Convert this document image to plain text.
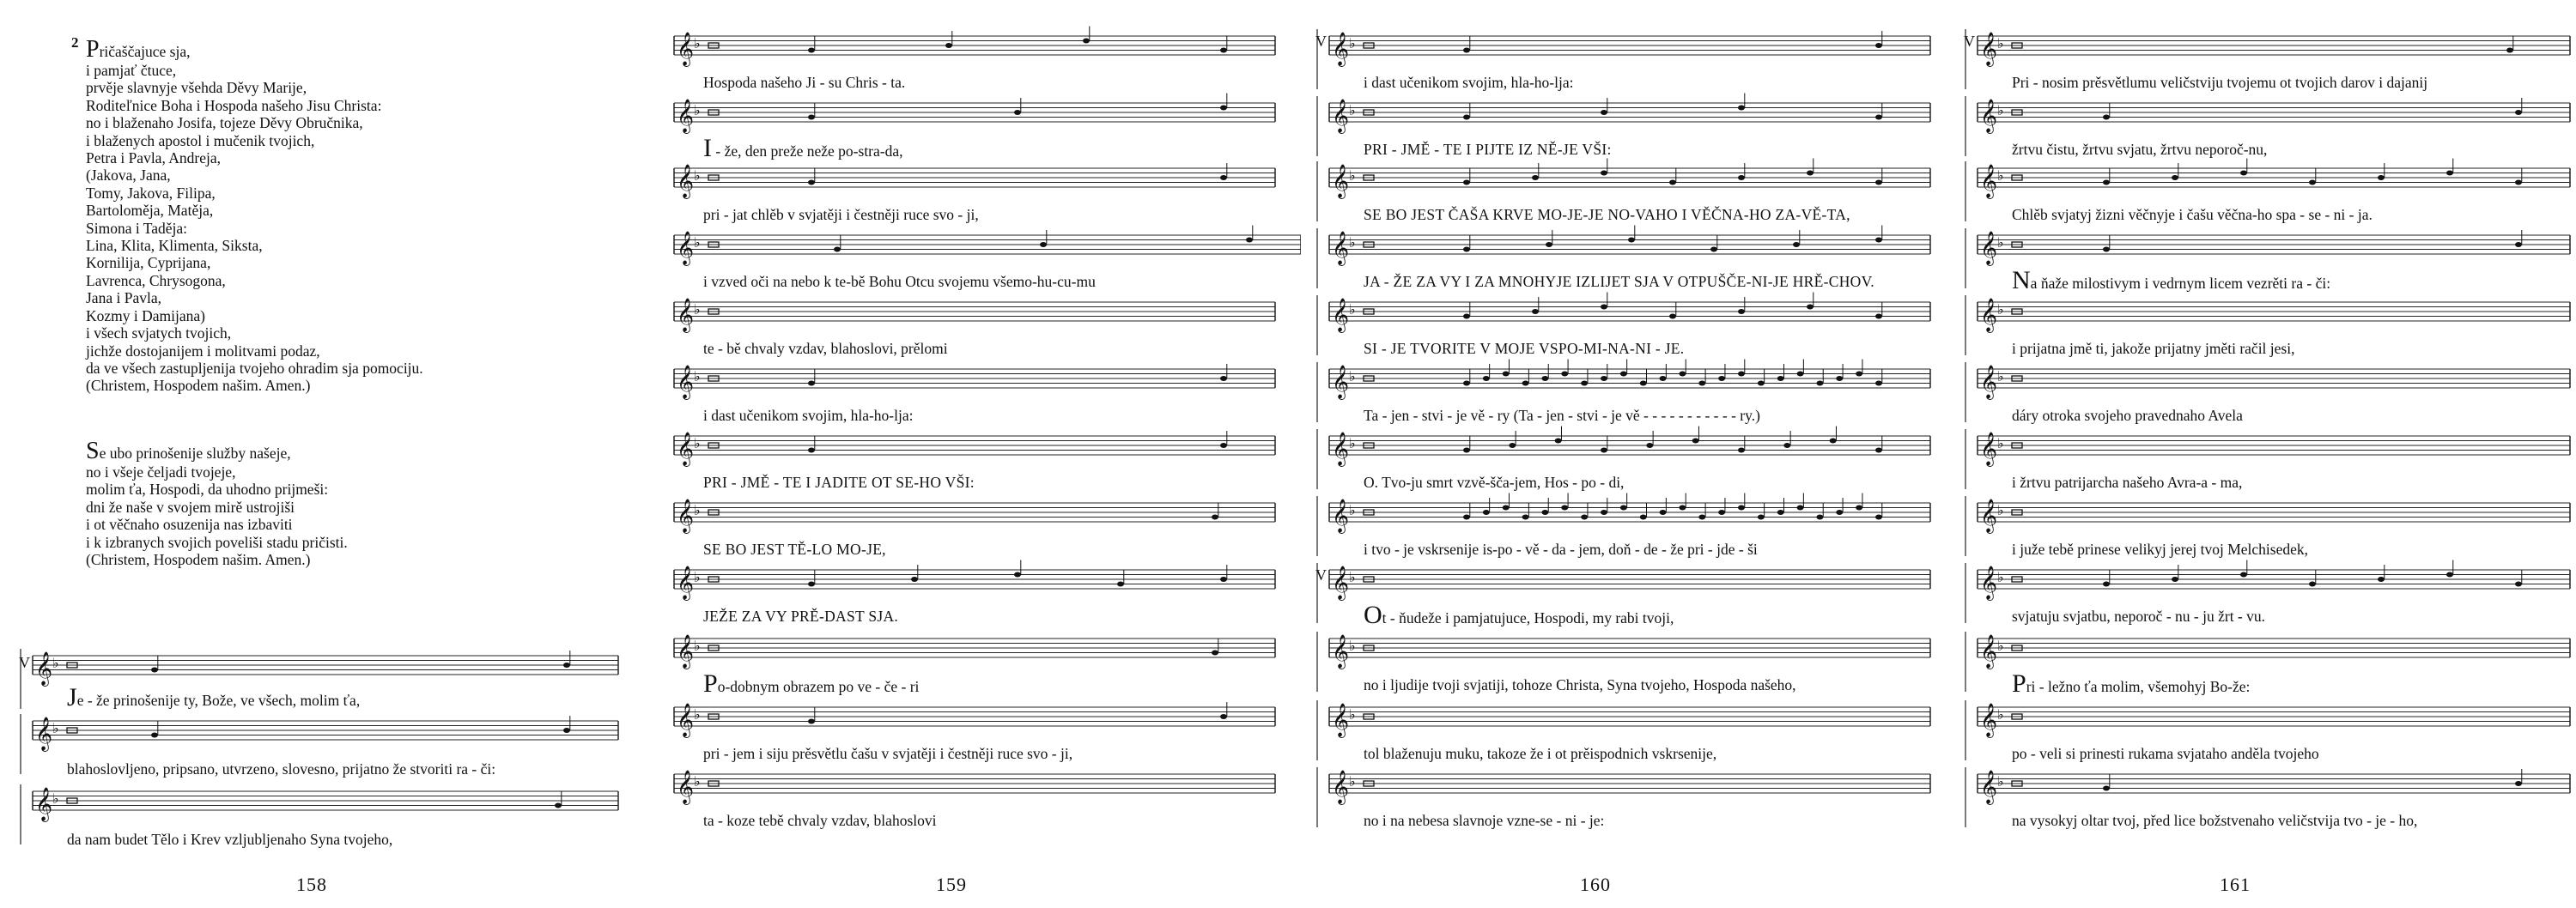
2 Pričaščajuce sja,
i pamjať čtuce,
prvěje slavnyje všehda Děvy Marije,
Roditeľnice Boha i Hospoda našeho Jisu Christa:
no i blaženaho Josifa, tojeze Děvy Obručnika,
i blaženych apostol i mučenik tvojich,
Petra i Pavla, Andreja,
(Jakova, Jana,
Tomy, Jakova, Filipa,
Bartoloměja, Matěja,
Simona i Taděja:
Lina, Klita, Klimenta, Siksta,
Kornilija, Cyprijana,
Lavrenca, Chrysogona,
Jana i Pavla,
Kozmy i Damijana)
i všech svjatych tvojich,
jichže dostojanijem i molitvami podaz,
da ve všech zastupljenija tvojeho ohradim sja pomociju.
(Christem, Hospodem našim. Amen.)
Se ubo prinošenije služby našeje,
no i všeje čeljadi tvojeje,
molim ťa, Hospodi, da uhodno prijmeši:
dni že naše v svojem mirě ustrojiši
i ot věčnaho osuzenija nas izbaviti
i k izbranych svojich poveliši stadu pričisti.
(Christem, Hospodem našim. Amen.)
V 𝄞 ♭
Je - že prinošenije ty, Bože, ve všech, molim ťa,
𝄞 ♭
blahoslovljeno, pripsano, utvrzeno, slovesno, prijatno že stvoriti ra - či:
𝄞 ♭
da nam budet Tělo i Krev vzljubljenaho Syna tvojeho,
158
𝄞 ♭
Hospoda našeho Ji - su Chris - ta.
𝄞 ♭
I - že, den preže neže po-stra-da,
𝄞 ♭
pri - jat chlěb v svjatěji i čestněji ruce svo - ji,
𝄞 ♭
i vzved oči na nebo k te-bě Bohu Otcu svojemu všemo-hu-cu-mu
𝄞 ♭
te - bě chvaly vzdav, blahoslovi, prělomi
𝄞 ♭
i dast učenikom svojim, hla-ho-lja:
𝄞 ♭
PRI - JMĚ - TE I JADITE OT SE-HO VŠI:
𝄞 ♭
SE BO JEST TĚ-LO MO-JE,
𝄞 ♭
JEŽE ZA VY PRĚ-DAST SJA.
𝄞 ♭
Po-dobnym obrazem po ve - če - ri
𝄞 ♭
pri - jem i siju prěsvětlu čašu v svjatěji i čestněji ruce svo - ji,
𝄞 ♭
ta - koze tebě chvaly vzdav, blahoslovi
159
V 𝄞 ♭
i dast učenikom svojim, hla-ho-lja:
𝄞 ♭
PRI - JMĚ - TE I PIJTE IZ NĚ-JE VŠI:
𝄞 ♭
SE BO JEST ČAŠA KRVE MO-JE-JE NO-VAHO I VĚČNA-HO ZA-VĚ-TA,
𝄞 ♭
JA - ŽE ZA VY I ZA MNOHYJE IZLIJET SJA V OTPUŠČE-NI-JE HRĚ-CHOV.
𝄞 ♭
SI - JE TVORITE V MOJE VSPO-MI-NA-NI - JE.
𝄞 ♭
Ta - jen - stvi - je vě - ry (Ta - jen - stvi - je vě - - - - - - - - - - - ry.)
𝄞 ♭
O. Tvo-ju smrt vzvě-šča-jem, Hos - po - di,
𝄞 ♭
i tvo - je vskrsenije is-po - vě - da - jem, doň - de - že pri - jde - ši
V 𝄞 ♭
Ot - ňudeže i pamjatujuce, Hospodi, my rabi tvoji,
𝄞 ♭
no i ljudije tvoji svjatiji, tohoze Christa, Syna tvojeho, Hospoda našeho,
𝄞 ♭
tol blaženuju muku, takoze že i ot prěispodnich vskrsenije,
𝄞 ♭
no i na nebesa slavnoje vzne-se - ni - je:
160
V 𝄞 ♭
Pri - nosim prěsvětlumu veličstviju tvojemu ot tvojich darov i dajanij
𝄞 ♭
žrtvu čistu, žrtvu svjatu, žrtvu neporoč-nu,
𝄞 ♭
Chlěb svjatyj žizni věčnyje i čašu věčna-ho spa - se - ni - ja.
𝄞 ♭
Na ňaže milostivym i vedrnym licem vezrěti ra - či:
𝄞 ♭
i prijatna jmě ti, jakože prijatny jměti račil jesi,
𝄞 ♭
dáry otroka svojeho pravednaho Avela
𝄞 ♭
i žrtvu patrijarcha našeho Avra-a - ma,
𝄞 ♭
i juže tebě prinese velikyj jerej tvoj Melchisedek,
𝄞 ♭
svjatuju svjatbu, neporoč - nu - ju žrt - vu.
𝄞 ♭
Pri - ležno ťa molim, všemohyj Bo-že:
𝄞 ♭
po - veli si prinesti rukama svjataho anděla tvojeho
𝄞 ♭
na vysokyj oltar tvoj, před lice božstvenaho veličstvija tvo - je - ho,
161
